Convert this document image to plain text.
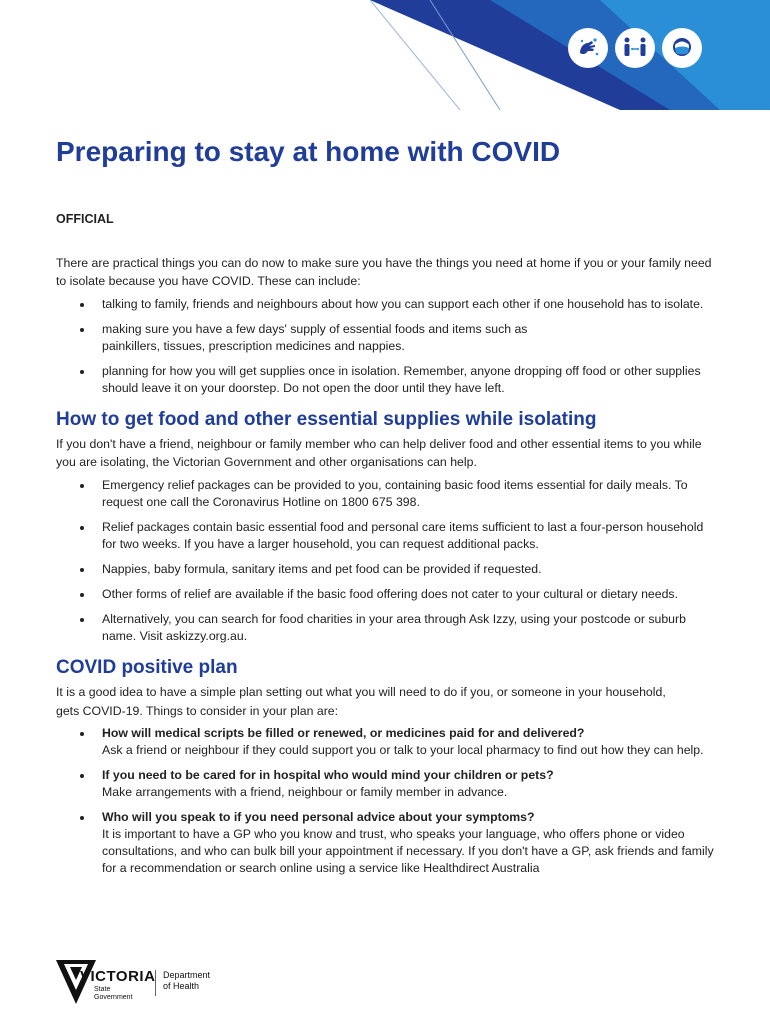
Preparing to stay at home with COVID
OFFICIAL

There are practical things you can do now to make sure you have the things you need at home if you or your family need to isolate because you have COVID. These can include:

talking to family, friends and neighbours about how you can support each other if one household has to isolate.
making sure you have a few days' supply of essential foods and items such as painkillers, tissues, prescription medicines and nappies.
planning for how you will get supplies once in isolation. Remember, anyone dropping off food or other supplies should leave it on your doorstep. Do not open the door until they have left.
How to get food and other essential supplies while isolating

If you don't have a friend, neighbour or family member who can help deliver food and other essential items to you while you are isolating, the Victorian Government and other organisations can help.

Emergency relief packages can be provided to you, containing basic food items essential for daily meals. To request one call the Coronavirus Hotline on 1800 675 398.
Relief packages contain basic essential food and personal care items sufficient to last a four-person household for two weeks. If you have a larger household, you can request additional packs.
Nappies, baby formula, sanitary items and pet food can be provided if requested.
Other forms of relief are available if the basic food offering does not cater to your cultural or dietary needs.
Alternatively, you can search for food charities in your area through Ask Izzy, using your postcode or suburb name. Visit askizzy.org.au.
COVID positive plan

It is a good idea to have a simple plan setting out what you will need to do if you, or someone in your household, gets COVID-19. Things to consider in your plan are:

How will medical scripts be filled or renewed, or medicines paid for and delivered?
Ask a friend or neighbour if they could support you or talk to your local pharmacy to find out how they can help.
If you need to be cared for in hospital who would mind your children or pets?
Make arrangements with a friend, neighbour or family member in advance.
Who will you speak to if you need personal advice about your symptoms?
It is important to have a GP who you know and trust, who speaks your language, who offers phone or video consultations, and who can bulk bill your appointment if necessary. If you don't have a GP, ask friends and family for a recommendation or search online using a service like Healthdirect Australia
VICTORIA
State
Government
Department
of Health
